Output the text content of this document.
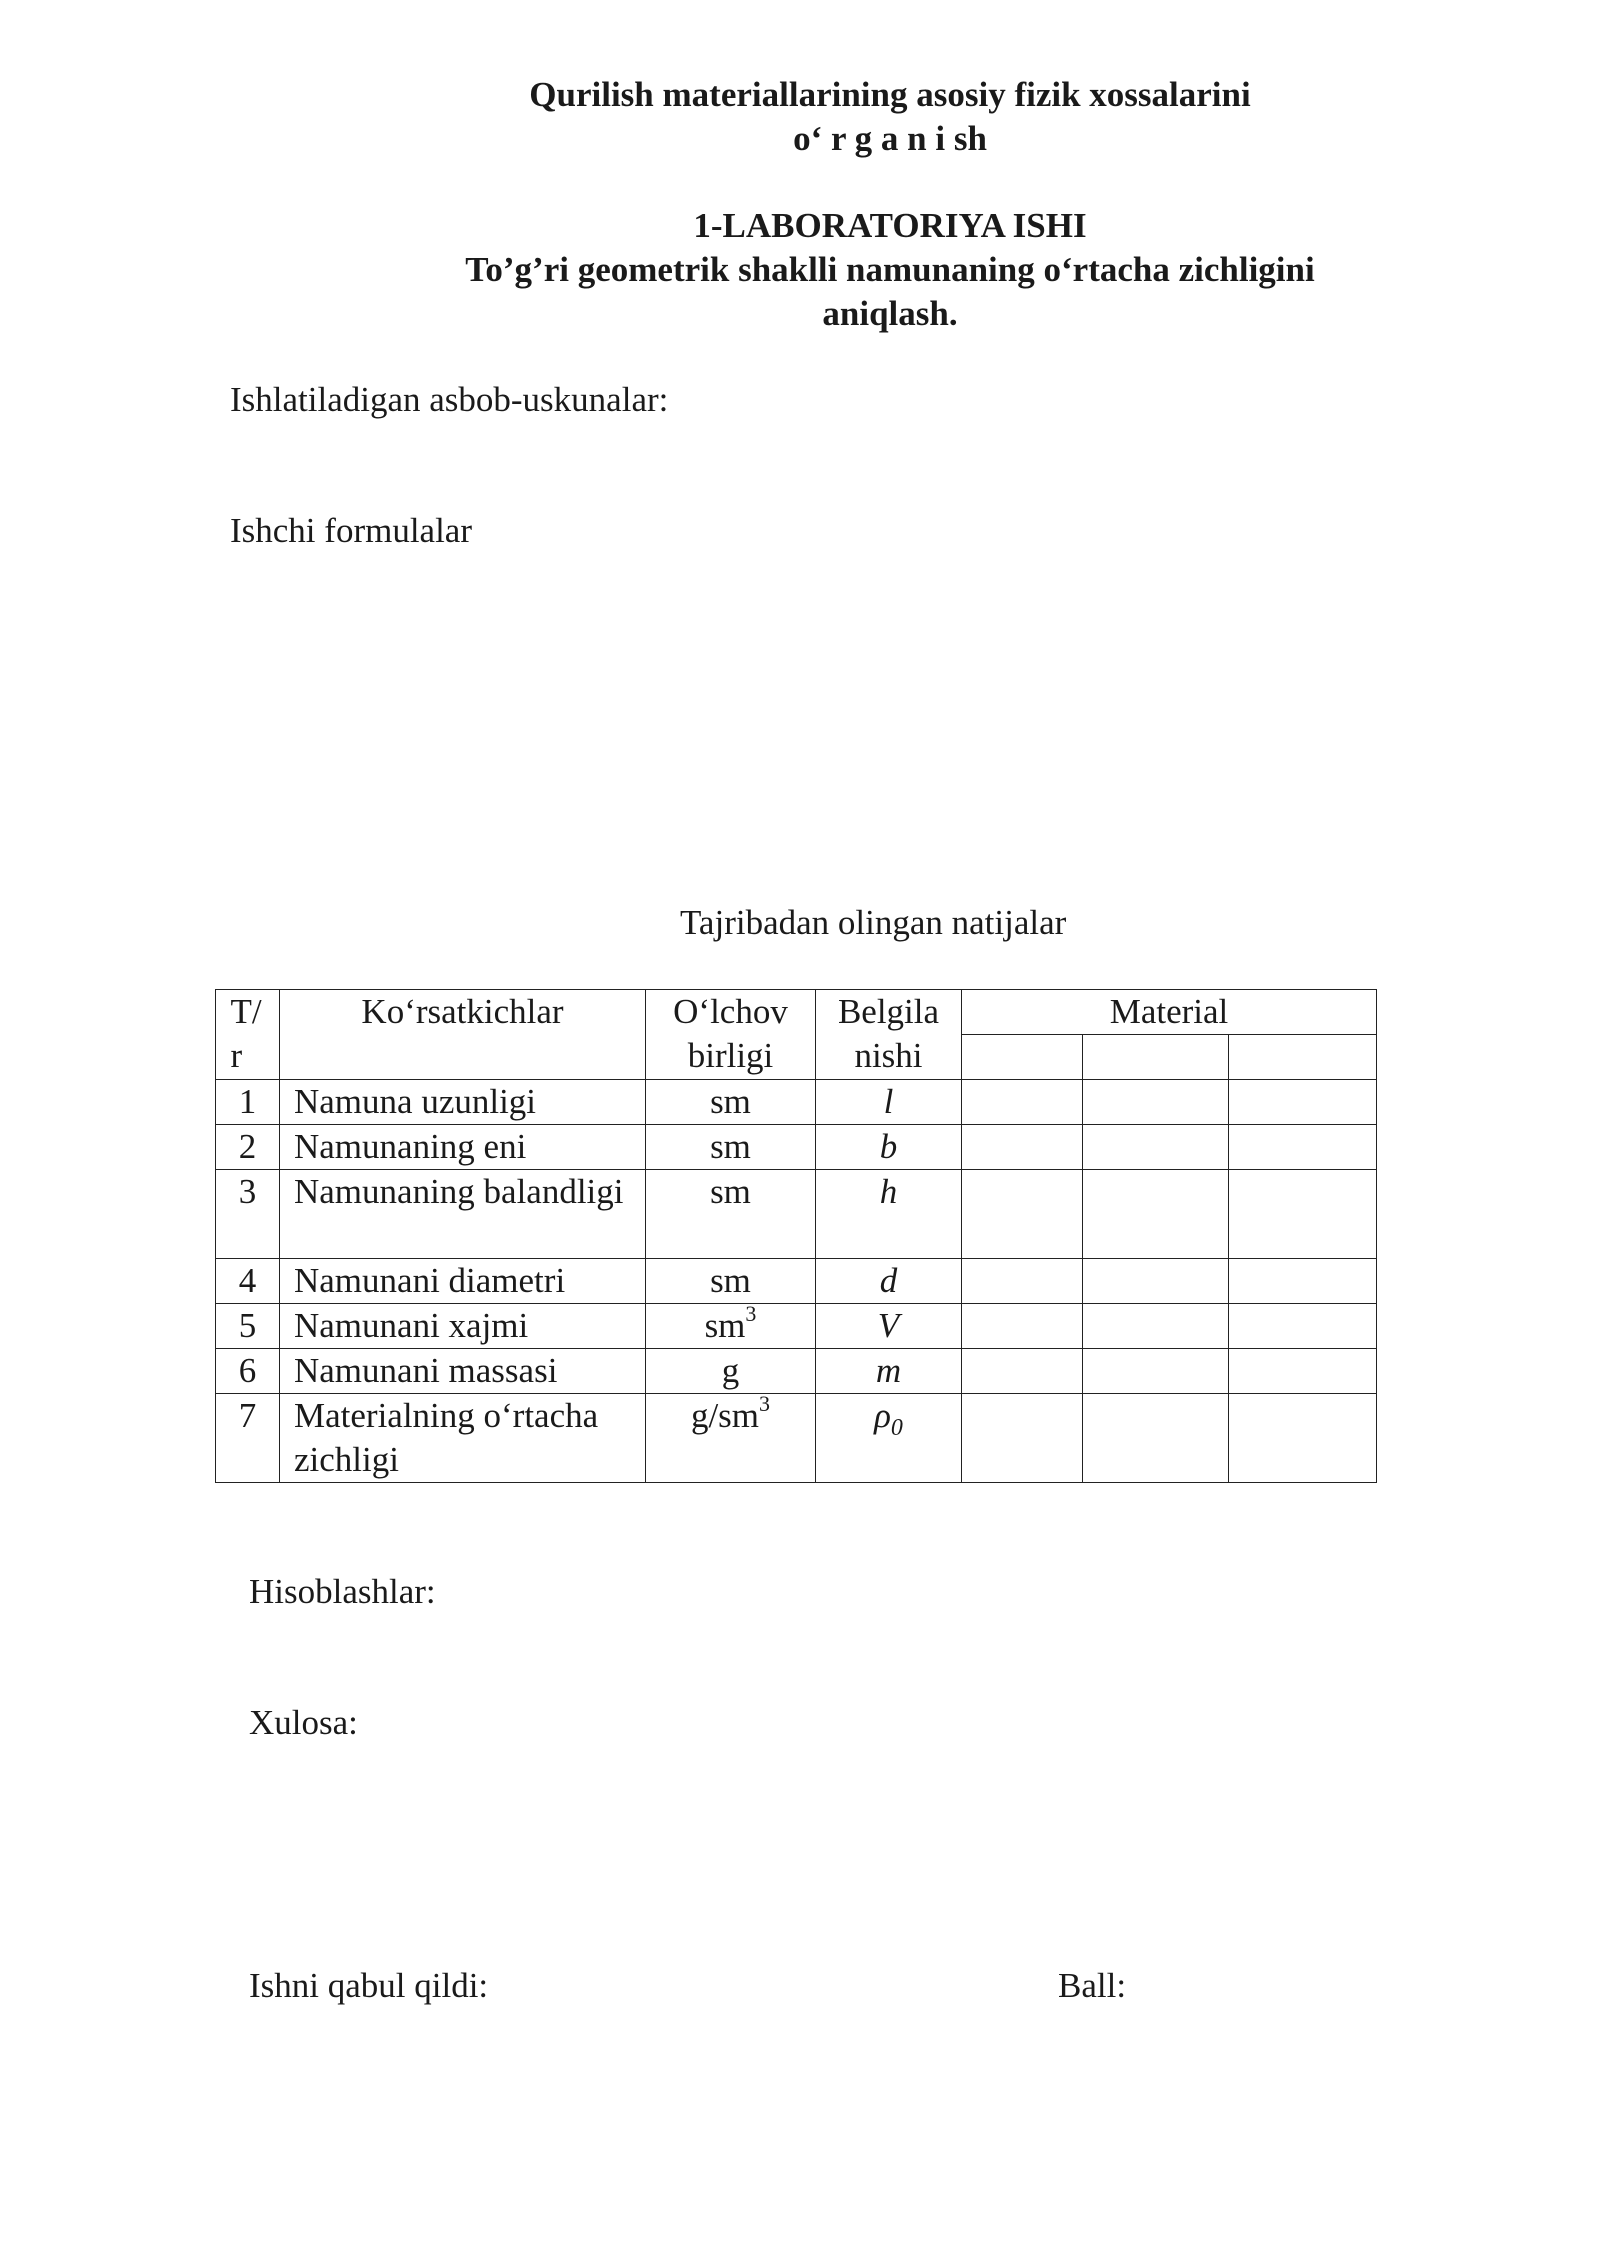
Qurilish materiallarining asosiy fizik xossalarini
o‘ r g a n i sh
1-LABORATORIYA ISHI
To’g’ri geometrik shaklli namunaning o‘rtacha zichligini
aniqlash.
Ishlatiladigan asbob-uskunalar:
Ishchi formulalar
Tajribadan olingan natijalar
T/ r	Ko‘rsatkichlar	O‘lchov birligi	Belgila nishi	Material		

1	Namuna uzunligi	sm	l			
2	Namunaning eni	sm	b			
3	Namunaning balandligi	sm	h			
4	Namunani diametri	sm	d			
5	Namunani xajmi	$sm^3$	V			
6	Namunani massasi	g	m			
7	Materialning o‘rtacha zichligi	$g/sm^3$	$\rho_0$			
Hisoblashlar:
Xulosa:
Ishni qabul qildi:	Ball:
